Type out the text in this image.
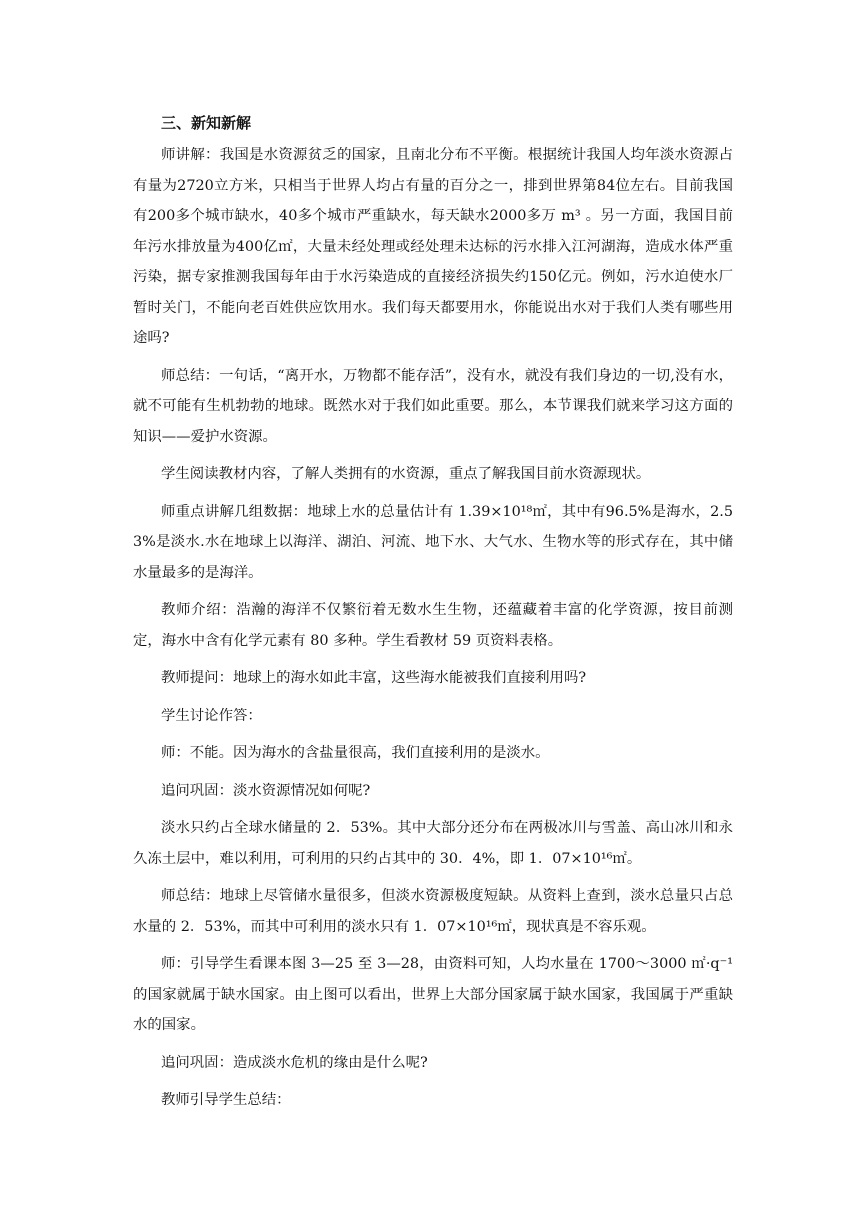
三、新知新解

师讲解：我国是水资源贫乏的国家，且南北分布不平衡。根据统计我国人均年淡水资源占有量为2720立方米，只相当于世界人均占有量的百分之一，排到世界第84位左右。目前我国有200多个城市缺水，40多个城市严重缺水，每天缺水2000多万 m³ 。另一方面，我国目前年污水排放量为400亿㎡，大量未经处理或经处理未达标的污水排入江河湖海，造成水体严重污染，据专家推测我国每年由于水污染造成的直接经济损失约150亿元。例如，污水迫使水厂暂时关门，不能向老百姓供应饮用水。我们每天都要用水，你能说出水对于我们人类有哪些用途吗?

师总结：一句话，“离开水，万物都不能存活”，没有水，就没有我们身边的一切,没有水，就不可能有生机勃勃的地球。既然水对于我们如此重要。那么，本节课我们就来学习这方面的知识——爱护水资源。

学生阅读教材内容，了解人类拥有的水资源，重点了解我国目前水资源现状。

师重点讲解几组数据：地球上水的总量估计有 1.39×10¹⁸㎡，其中有96.5%是海水，2.53%是淡水.水在地球上以海洋、湖泊、河流、地下水、大气水、生物水等的形式存在，其中储水量最多的是海洋。

教师介绍：浩瀚的海洋不仅繁衍着无数水生生物，还蕴藏着丰富的化学资源，按目前测定，海水中含有化学元素有 80 多种。学生看教材 59 页资料表格。

教师提问：地球上的海水如此丰富，这些海水能被我们直接利用吗?

学生讨论作答：

师：不能。因为海水的含盐量很高，我们直接利用的是淡水。

追问巩固：淡水资源情况如何呢?

淡水只约占全球水储量的 2．53%。其中大部分还分布在两极冰川与雪盖、高山冰川和永久冻土层中，难以利用，可利用的只约占其中的 30．4%，即 1．07×10¹⁶㎡。

师总结：地球上尽管储水量很多，但淡水资源极度短缺。从资料上查到，淡水总量只占总水量的 2．53%，而其中可利用的淡水只有 1．07×10¹⁶㎡，现状真是不容乐观。

师：引导学生看课本图 3—25 至 3—28，由资料可知，人均水量在 1700～3000 ㎡·q⁻¹ 的国家就属于缺水国家。由上图可以看出，世界上大部分国家属于缺水国家，我国属于严重缺水的国家。

追问巩固：造成淡水危机的缘由是什么呢?

教师引导学生总结：
